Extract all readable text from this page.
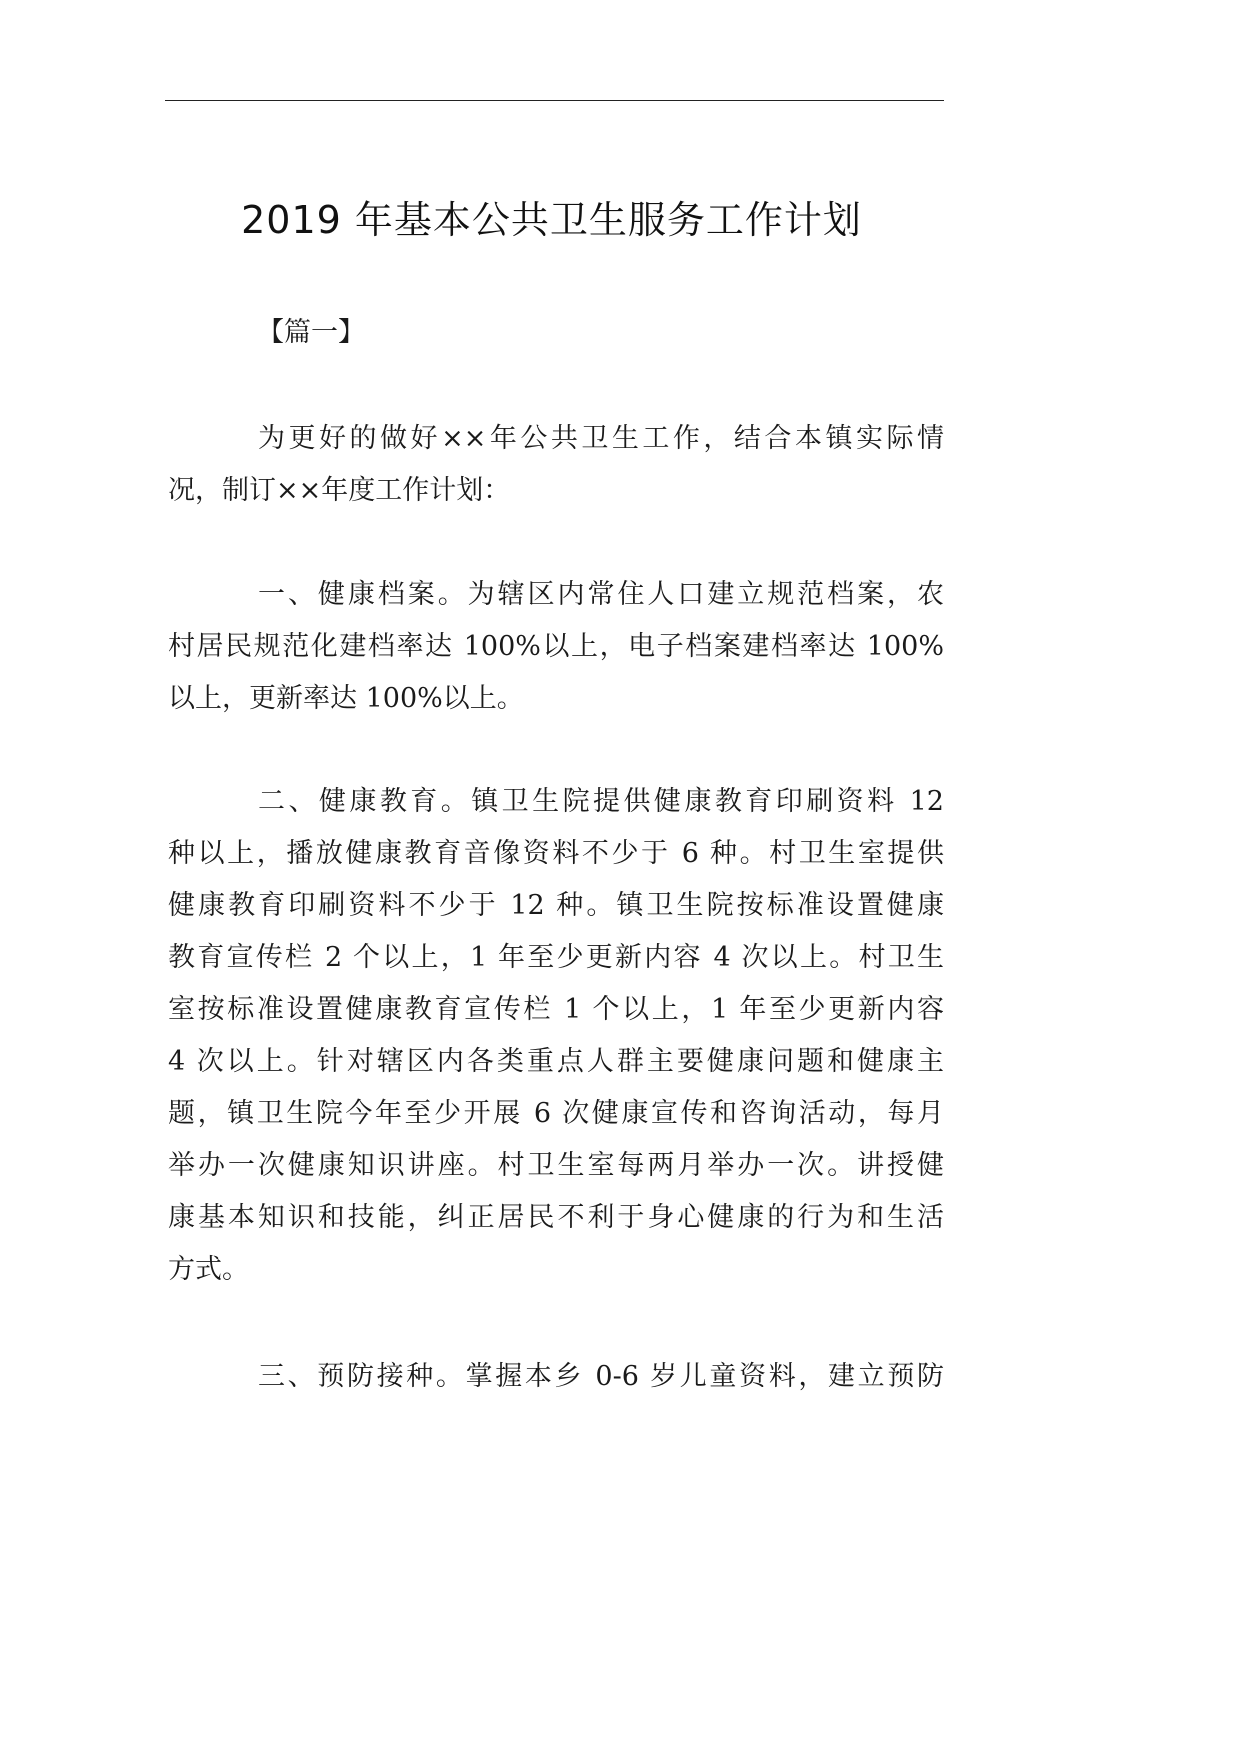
2019 年基本公共卫生服务工作计划
【篇一】
为更好的做好××年公共卫生工作，结合本镇实际情
况，制订××年度工作计划：
一、健康档案。为辖区内常住人口建立规范档案，农
村居民规范化建档率达 100%以上，电子档案建档率达 100%
以上，更新率达 100%以上。
二、健康教育。镇卫生院提供健康教育印刷资料 12
种以上，播放健康教育音像资料不少于 6 种。村卫生室提供
健康教育印刷资料不少于 12 种。镇卫生院按标准设置健康
教育宣传栏 2 个以上，1 年至少更新内容 4 次以上。村卫生
室按标准设置健康教育宣传栏 1 个以上，1 年至少更新内容
4 次以上。针对辖区内各类重点人群主要健康问题和健康主
题，镇卫生院今年至少开展 6 次健康宣传和咨询活动，每月
举办一次健康知识讲座。村卫生室每两月举办一次。讲授健
康基本知识和技能，纠正居民不利于身心健康的行为和生活
方式。
三、预防接种。掌握本乡 0-6 岁儿童资料，建立预防
